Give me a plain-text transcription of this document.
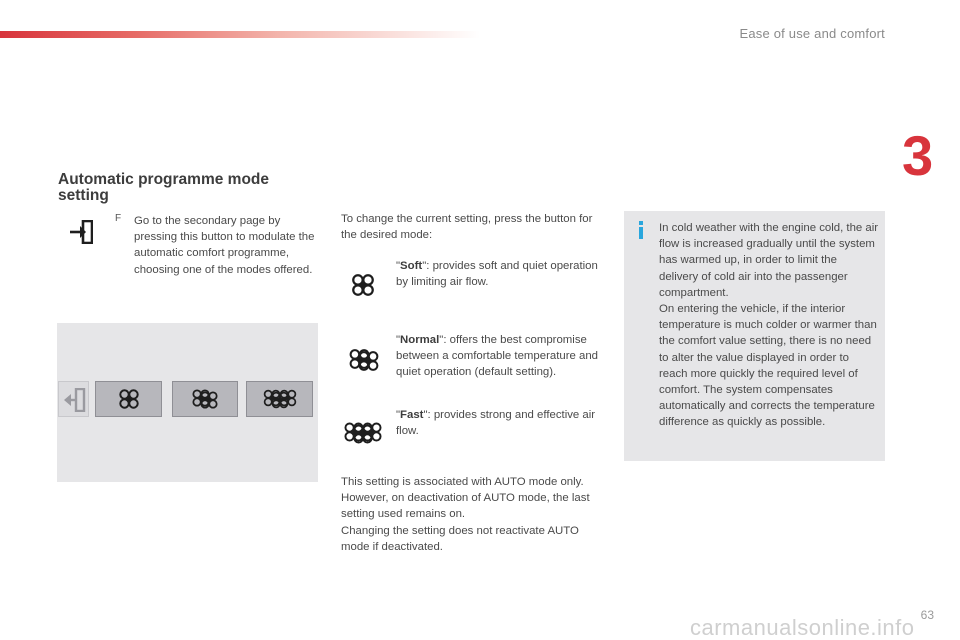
Ease of use and comfort
3
Automatic programme mode setting
F Go to the secondary page by pressing this button to modulate the automatic comfort programme, choosing one of the modes offered.
To change the current setting, press the button for the desired mode:
"Soft": provides soft and quiet operation by limiting air flow.
"Normal": offers the best compromise between a comfortable temperature and quiet operation (default setting).
"Fast": provides strong and effective air flow.
This setting is associated with AUTO mode only. However, on deactivation of AUTO mode, the last setting used remains on.
Changing the setting does not reactivate AUTO mode if deactivated.
In cold weather with the engine cold, the air flow is increased gradually until the system has warmed up, in order to limit the delivery of cold air into the passenger compartment.
On entering the vehicle, if the interior temperature is much colder or warmer than the comfort value setting, there is no need to alter the value displayed in order to reach more quickly the required level of comfort. The system compensates automatically and corrects the temperature difference as quickly as possible.
63
carmanualsonline.info
